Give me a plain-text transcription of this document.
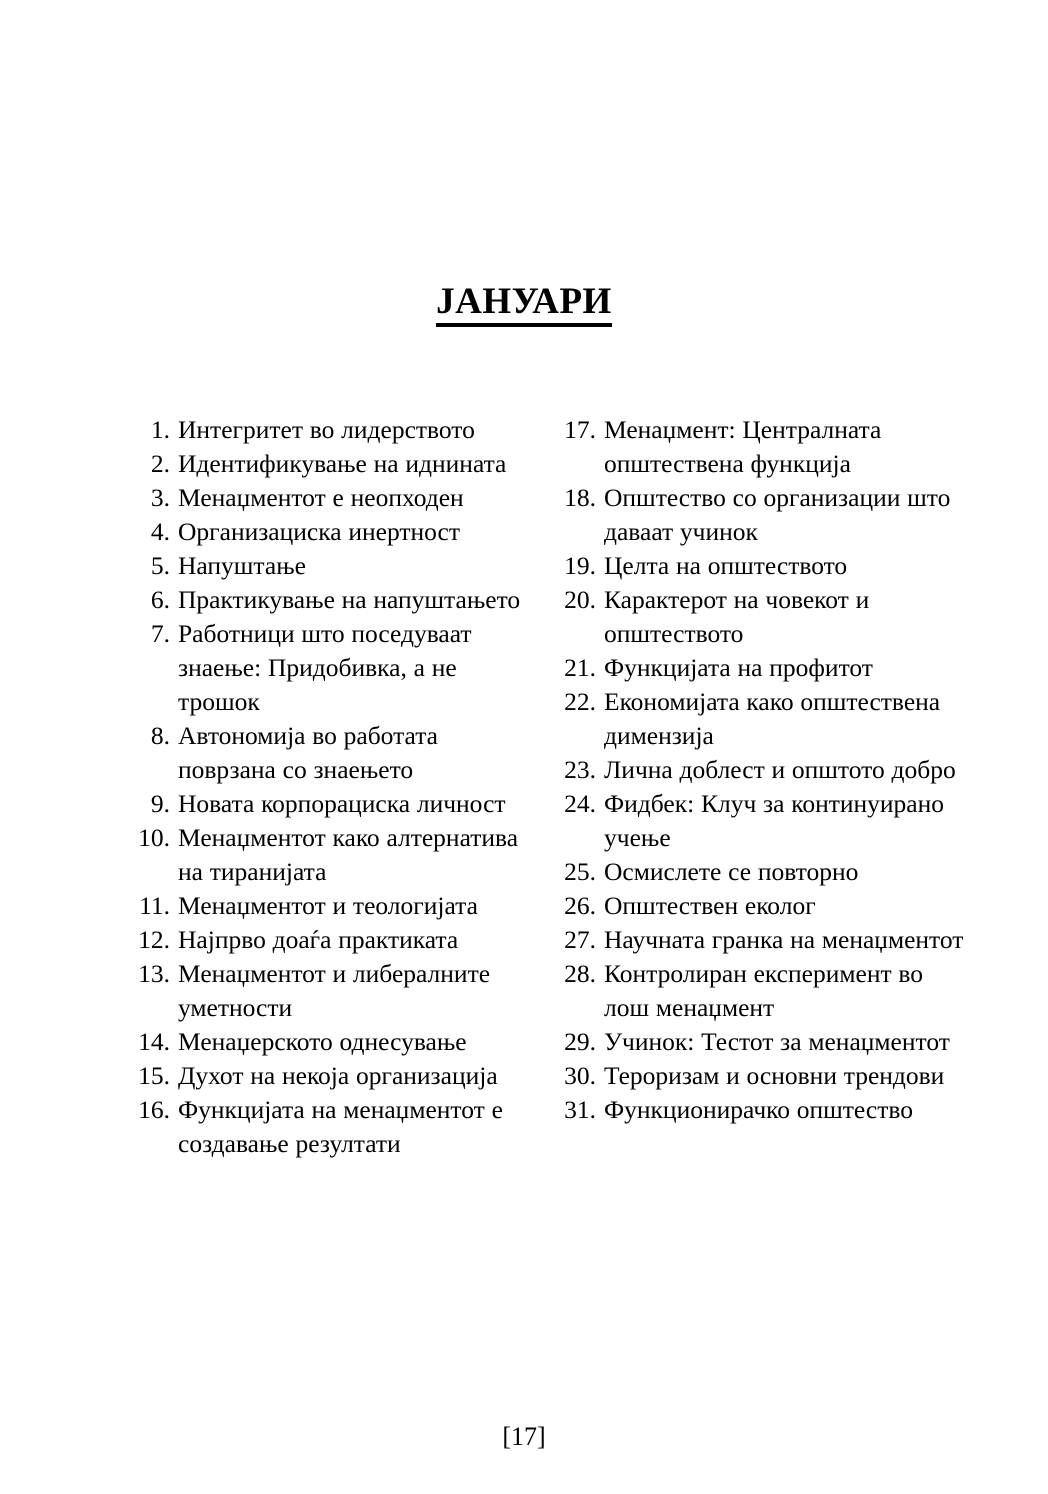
ЈАНУАРИ
1. Интегритет во лидерството
2. Идентификување на иднината
3. Менаџментот е неопходен
4. Организациска инертност
5. Напуштање
6. Практикување на напуштањето
7. Работници што поседуваат знаење: Придобивка, а не трошок
8. Автономија во работата поврзана со знаењето
9. Новата корпорациска личност
10. Менаџментот како алтернатива на тиранијата
11. Менаџментот и теологијата
12. Најпрво доаѓа практиката
13. Менаџментот и либералните уметности
14. Менаџерското однесување
15. Духот на некоја организација
16. Функцијата на менаџментот е создавање резултати
17. Менаџмент: Централната општествена функција
18. Општество со организации што даваат учинок
19. Целта на општеството
20. Карактерот на човекот и општеството
21. Функцијата на профитот
22. Економијата како општествена димензија
23. Лична доблест и општото добро
24. Фидбек: Клуч за континуирано учење
25. Осмислете се повторно
26. Општествен еколог
27. Научната гранка на менаџментот
28. Контролиран експеримент во лош менаџмент
29. Учинок: Тестот за менаџментот
30. Тероризам и основни трендови
31. Функционирачко општество
[17]
